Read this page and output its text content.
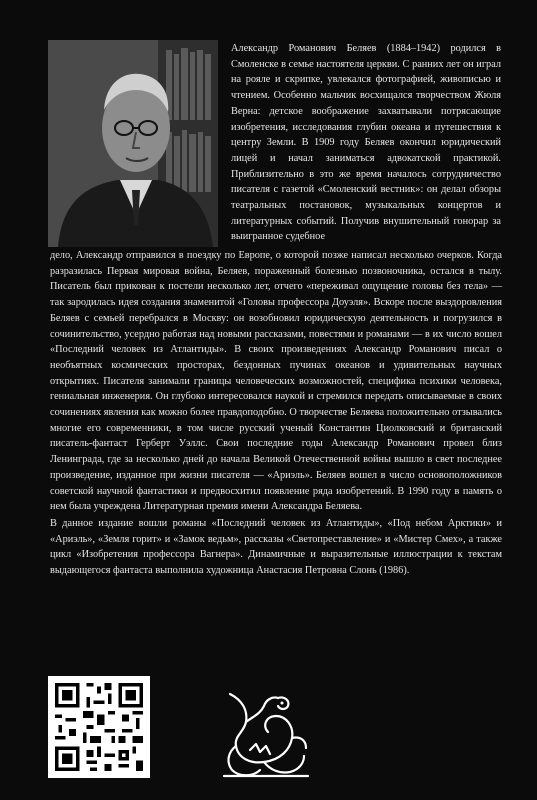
Александр Романович Беляев (1884–1942) родился в Смоленске в семье настоятеля церкви. С ранних лет он играл на рояле и скрипке, увлекался фотографией, живописью и чтением. Особенно мальчик восхищался творчеством Жюля Верна: детское воображение захватывали потрясающие изобретения, исследования глубин океана и путешествия к центру Земли. В 1909 году Беляев окончил юридический лицей и начал заниматься адвокатской практикой. Приблизительно в это же время началось сотрудничество писателя с газетой «Смоленский вестник»: он делал обзоры театральных постановок, музыкальных концертов и литературных событий. Получив внушительный гонорар за выигранное судебное

дело, Александр отправился в поездку по Европе, о которой позже написал несколько очерков. Когда разразилась Первая мировая война, Беляев, пораженный болезнью позвоночника, остался в тылу. Писатель был прикован к постели несколько лет, отчего «переживал ощущение головы без тела» — так зародилась идея создания знаменитой «Головы профессора Доуэля». Вскоре после выздоровления Беляев с семьей перебрался в Москву: он возобновил юридическую деятельность и погрузился в сочинительство, усердно работая над новыми рассказами, повестями и романами — в их число вошел «Последний человек из Атлантиды». В своих произведениях Александр Романович писал о необъятных космических просторах, бездонных пучинах океанов и удивительных научных открытиях. Писателя занимали границы человеческих возможностей, специфика психики человека, гениальная инженерия. Он глубоко интересовался наукой и стремился передать описываемые в своих сочинениях явления как можно более правдоподобно. О творчестве Беляева положительно отзывались многие его современники, в том числе русский ученый Константин Циолковский и британский писатель-фантаст Герберт Уэллс. Свои последние годы Александр Романович провел близ Ленинграда, где за несколько дней до начала Великой Отечественной войны вышло в свет последнее произведение, изданное при жизни писателя — «Ариэль». Беляев вошел в число основоположников советской научной фантастики и предвосхитил появление ряда изобретений. В 1990 году в память о нем была учреждена Литературная премия имени Александра Беляева.

В данное издание вошли романы «Последний человек из Атлантиды», «Под небом Арктики» и «Ариэль», «Земля горит» и «Замок ведьм», рассказы «Светопреставление» и «Мистер Смех», а также цикл «Изобретения профессора Вагнера». Динамичные и выразительные иллюстрации к текстам выдающегося фантаста выполнила художница Анастасия Петровна Слонь (1986).
